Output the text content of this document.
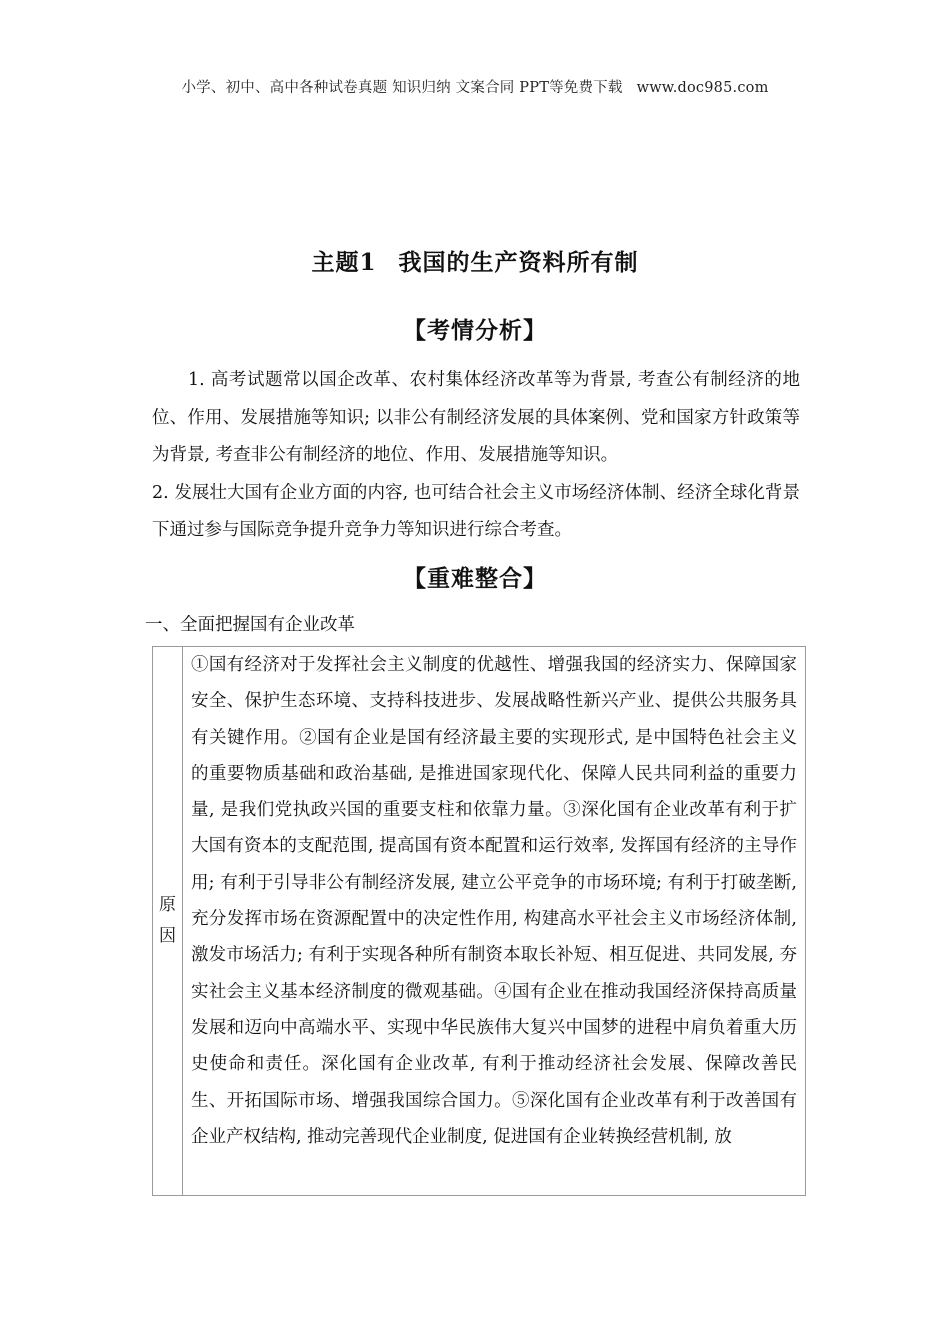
小学、初中、高中各种试卷真题 知识归纳 文案合同 PPT等免费下载 www.doc985.com
主题1 我国的生产资料所有制
【考情分析】

1. 高考试题常以国企改革、农村集体经济改革等为背景, 考查公有制经济的地位、作用、发展措施等知识; 以非公有制经济发展的具体案例、党和国家方针政策等为背景, 考查非公有制经济的地位、作用、发展措施等知识。

2. 发展壮大国有企业方面的内容, 也可结合社会主义市场经济体制、经济全球化背景下通过参与国际竞争提升竞争力等知识进行综合考查。

【重难整合】
一、全面把握国有企业改革
原因
①国有经济对于发挥社会主义制度的优越性、增强我国的经济实力、保障国家安全、保护生态环境、支持科技进步、发展战略性新兴产业、提供公共服务具有关键作用。②国有企业是国有经济最主要的实现形式, 是中国特色社会主义的重要物质基础和政治基础, 是推进国家现代化、保障人民共同利益的重要力量, 是我们党执政兴国的重要支柱和依靠力量。③深化国有企业改革有利于扩大国有资本的支配范围, 提高国有资本配置和运行效率, 发挥国有经济的主导作用; 有利于引导非公有制经济发展, 建立公平竞争的市场环境; 有利于打破垄断, 充分发挥市场在资源配置中的决定性作用, 构建高水平社会主义市场经济体制, 激发市场活力; 有利于实现各种所有制资本取长补短、相互促进、共同发展, 夯实社会主义基本经济制度的微观基础。④国有企业在推动我国经济保持高质量发展和迈向中高端水平、实现中华民族伟大复兴中国梦的进程中肩负着重大历史使命和责任。深化国有企业改革, 有利于推动经济社会发展、保障改善民生、开拓国际市场、增强我国综合国力。⑤深化国有企业改革有利于改善国有企业产权结构, 推动完善现代企业制度, 促进国有企业转换经营机制, 放
